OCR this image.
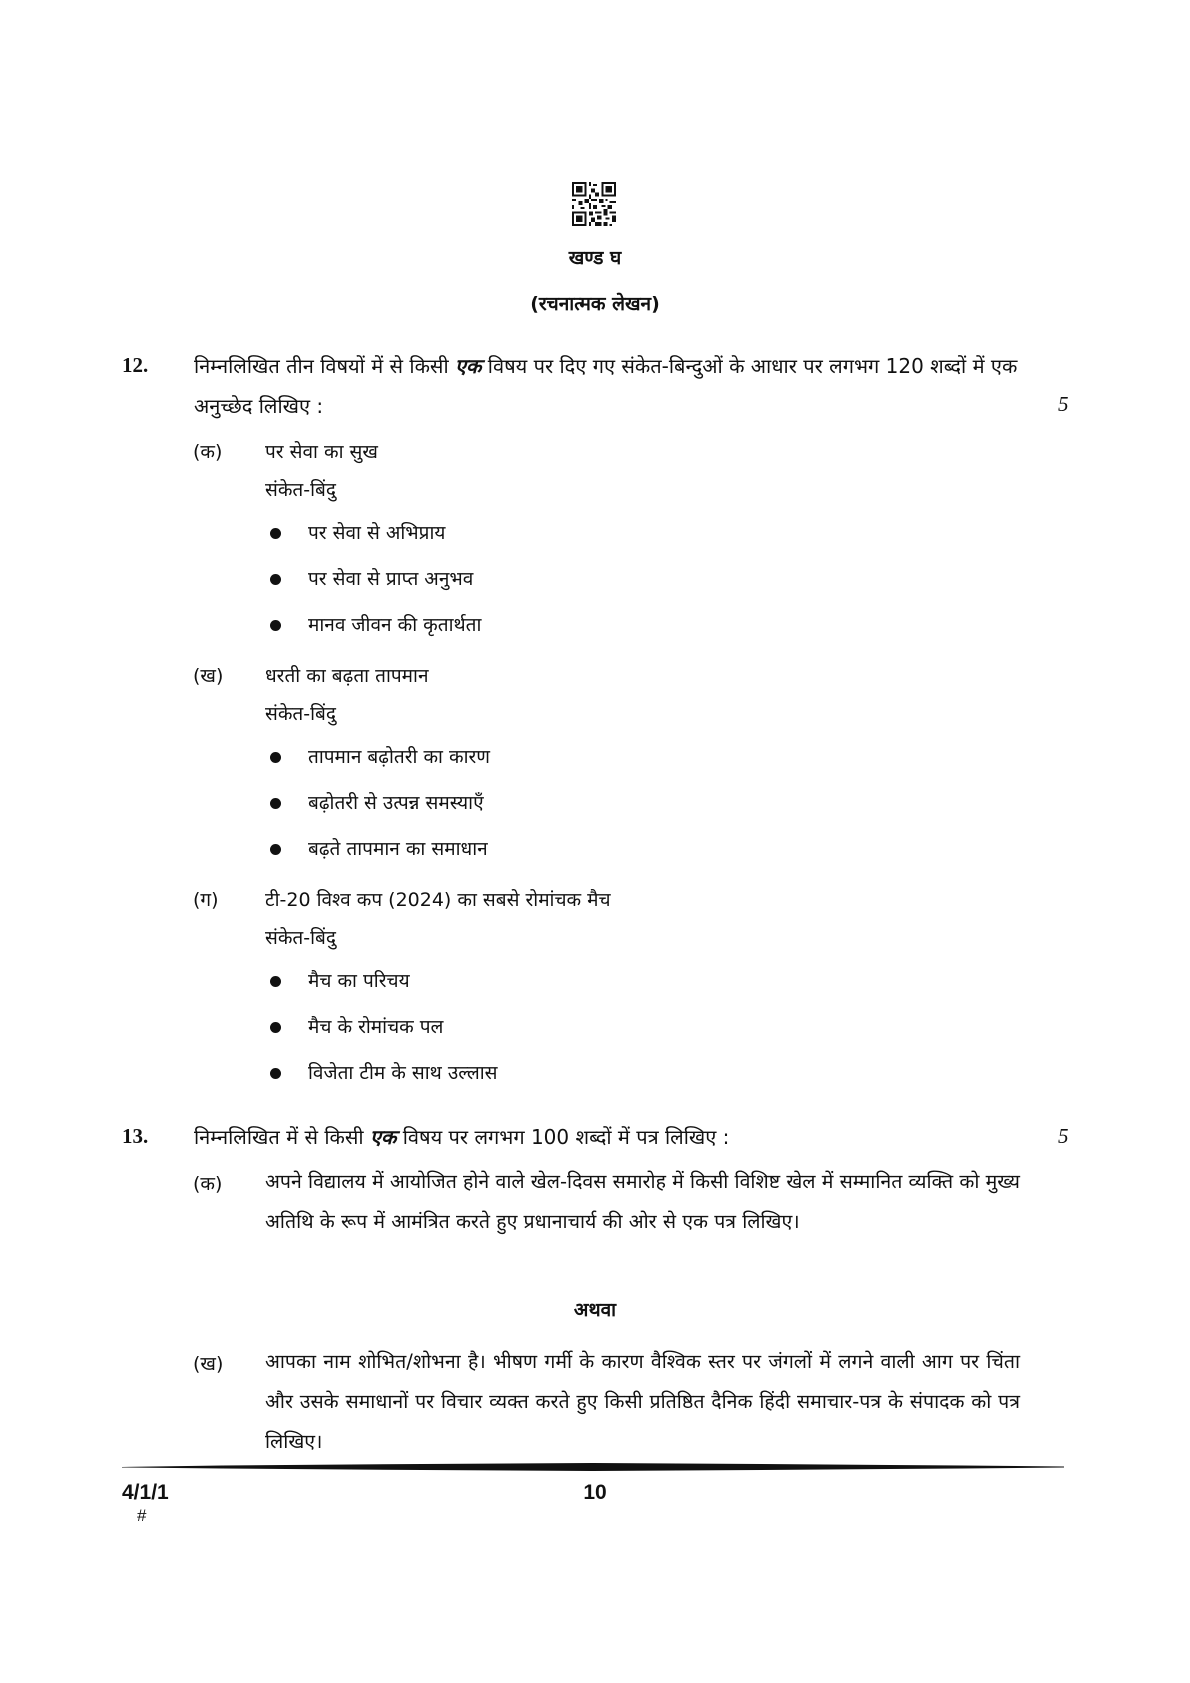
खण्ड घ
(रचनात्मक लेखन)
12. निम्नलिखित तीन विषयों में से किसी एक विषय पर दिए गए संकेत-बिन्दुओं के आधार पर लगभग 120 शब्दों में एक अनुच्छेद लिखिए :	5
(क) पर सेवा का सुख
संकेत-बिंदु
पर सेवा से अभिप्राय
पर सेवा से प्राप्त अनुभव
मानव जीवन की कृतार्थता
(ख) धरती का बढ़ता तापमान
संकेत-बिंदु
तापमान बढ़ोतरी का कारण
बढ़ोतरी से उत्पन्न समस्याएँ
बढ़ते तापमान का समाधान
(ग) टी-20 विश्व कप (2024) का सबसे रोमांचक मैच
संकेत-बिंदु
मैच का परिचय
मैच के रोमांचक पल
विजेता टीम के साथ उल्लास
13. निम्नलिखित में से किसी एक विषय पर लगभग 100 शब्दों में पत्र लिखिए :	5
(क) अपने विद्यालय में आयोजित होने वाले खेल-दिवस समारोह में किसी विशिष्ट खेल में सम्मानित व्यक्ति को मुख्य अतिथि के रूप में आमंत्रित करते हुए प्रधानाचार्य की ओर से एक पत्र लिखिए।
अथवा
(ख) आपका नाम शोभित/शोभना है। भीषण गर्मी के कारण वैश्विक स्तर पर जंगलों में लगने वाली आग पर चिंता और उसके समाधानों पर विचार व्यक्त करते हुए किसी प्रतिष्ठित दैनिक हिंदी समाचार-पत्र के संपादक को पत्र लिखिए।
4/1/1
#
10
